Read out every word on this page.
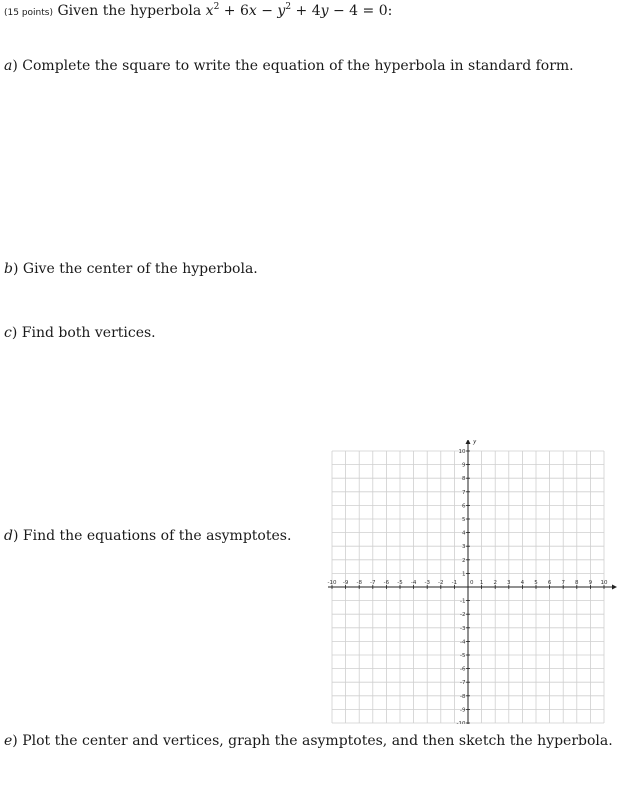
(15 points) Given the hyperbola $x^2 + 6x - y^2 + 4y - 4 = 0$:
a) Complete the square to write the equation of the hyperbola in standard form.
b) Give the center of the hyperbola.
c) Find both vertices.
d) Find the equations of the asymptotes.
e) Plot the center and vertices, graph the asymptotes, and then sketch the hyperbola.
-10
-10
-9
-9
-8
-8
-7
-7
-6
-6
-5
-5
-4
-4
-3
-3
-2
-2
-1
-1
1
1
2
2
3
3
4
4
5
5
6
6
7
7
8
8
9
9
10
10
0
y
